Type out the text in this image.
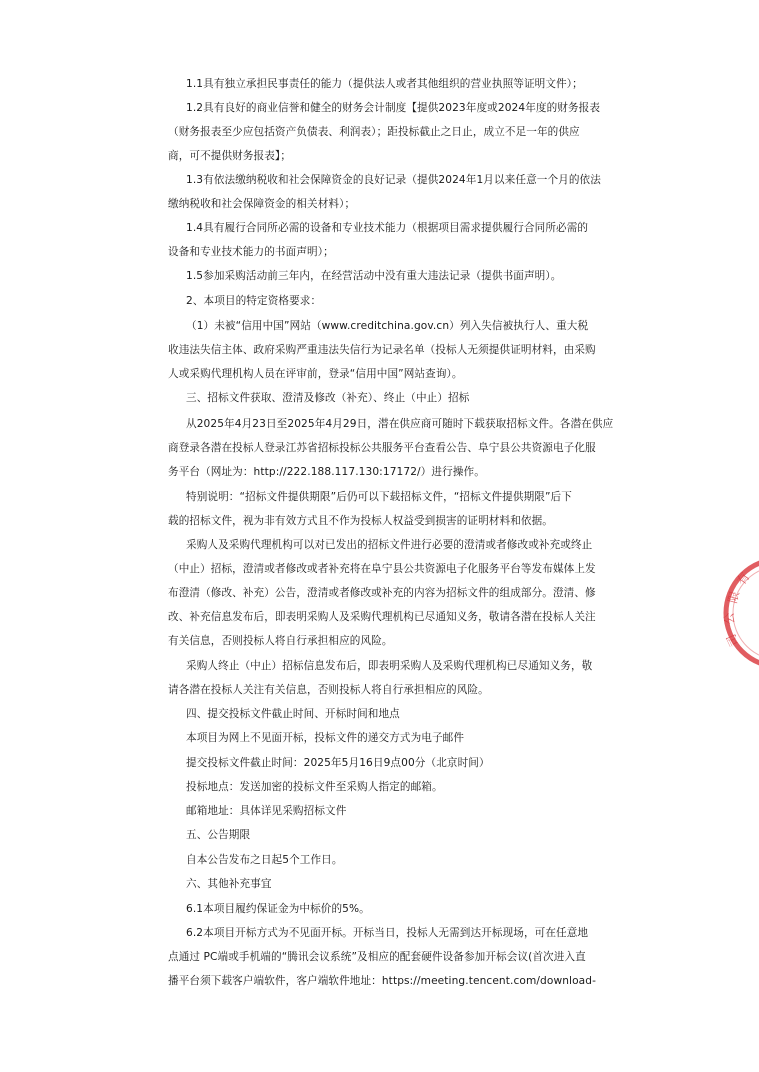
1.1具有独立承担民事责任的能力（提供法人或者其他组织的营业执照等证明文件）；
1.2具有良好的商业信誉和健全的财务会计制度【提供2023年度或2024年度的财务报表
（财务报表至少应包括资产负债表、利润表）；距投标截止之日止，成立不足一年的供应
商，可不提供财务报表】；
1.3有依法缴纳税收和社会保障资金的良好记录（提供2024年1月以来任意一个月的依法
缴纳税收和社会保障资金的相关材料）；
1.4具有履行合同所必需的设备和专业技术能力（根据项目需求提供履行合同所必需的
设备和专业技术能力的书面声明）；
1.5参加采购活动前三年内，在经营活动中没有重大违法记录（提供书面声明）。
2、本项目的特定资格要求：
（1）未被“信用中国”网站（www.creditchina.gov.cn）列入失信被执行人、重大税
收违法失信主体、政府采购严重违法失信行为记录名单（投标人无须提供证明材料，由采购
人或采购代理机构人员在评审前，登录“信用中国”网站查询）。
三、招标文件获取、澄清及修改（补充）、终止（中止）招标
从2025年4月23日至2025年4月29日，潜在供应商可随时下载获取招标文件。各潜在供应
商登录各潜在投标人登录江苏省招标投标公共服务平台查看公告、阜宁县公共资源电子化服
务平台（网址为：http://222.188.117.130:17172/）进行操作。
特别说明：“招标文件提供期限”后仍可以下载招标文件，“招标文件提供期限”后下
载的招标文件，视为非有效方式且不作为投标人权益受到损害的证明材料和依据。
采购人及采购代理机构可以对已发出的招标文件进行必要的澄清或者修改或补充或终止
（中止）招标，澄清或者修改或者补充将在阜宁县公共资源电子化服务平台等发布媒体上发
布澄清（修改、补充）公告，澄清或者修改或补充的内容为招标文件的组成部分。澄清、修
改、补充信息发布后，即表明采购人及采购代理机构已尽通知义务，敬请各潜在投标人关注
有关信息，否则投标人将自行承担相应的风险。
采购人终止（中止）招标信息发布后，即表明采购人及采购代理机构已尽通知义务，敬
请各潜在投标人关注有关信息，否则投标人将自行承担相应的风险。
四、提交投标文件截止时间、开标时间和地点
本项目为网上不见面开标，投标文件的递交方式为电子邮件
提交投标文件截止时间：2025年5月16日9点00分（北京时间）
投标地点：发送加密的投标文件至采购人指定的邮箱。
邮箱地址：具体详见采购招标文件
五、公告期限
自本公告发布之日起5个工作日。
六、其他补充事宜
6.1本项目履约保证金为中标价的5%。
6.2本项目开标方式为不见面开标。开标当日，投标人无需到达开标现场，可在任意地
点通过 PC端或手机端的“腾讯会议系统”及相应的配套硬件设备参加开标会议(首次进入直
播平台须下载客户端软件，客户端软件地址：https://meeting.tencent.com/download-
有
限
公
司
